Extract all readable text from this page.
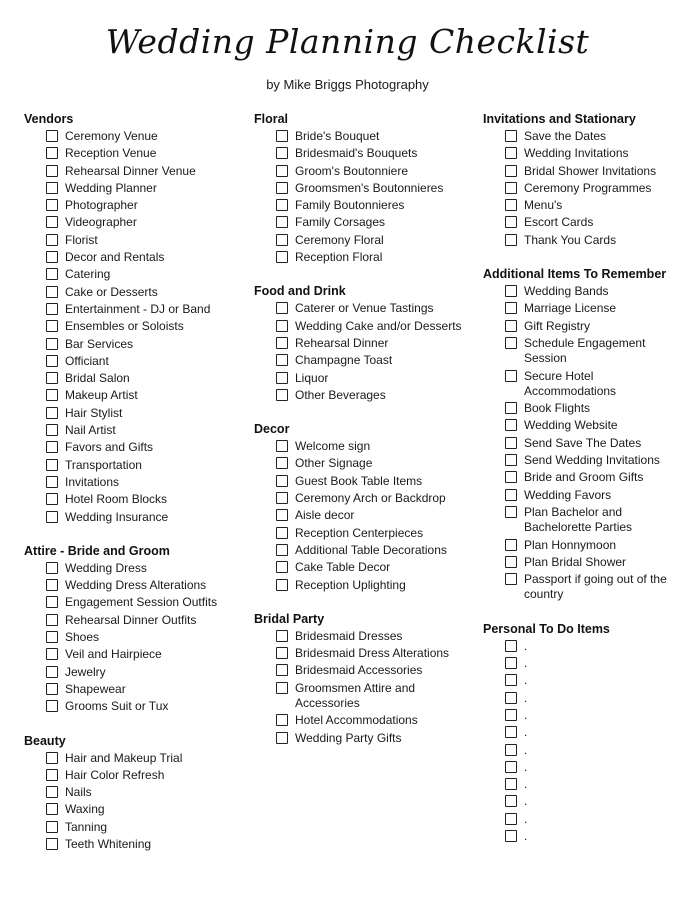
Wedding Planning Checklist
by Mike Briggs Photography
Vendors
Ceremony Venue
Reception Venue
Rehearsal Dinner Venue
Wedding Planner
Photographer
Videographer
Florist
Decor and Rentals
Catering
Cake or Desserts
Entertainment - DJ or Band
Ensembles or Soloists
Bar Services
Officiant
Bridal Salon
Makeup Artist
Hair Stylist
Nail Artist
Favors and Gifts
Transportation
Invitations
Hotel Room Blocks
Wedding Insurance
Attire - Bride and Groom
Wedding Dress
Wedding Dress Alterations
Engagement Session Outfits
Rehearsal Dinner Outfits
Shoes
Veil and Hairpiece
Jewelry
Shapewear
Grooms Suit or Tux
Beauty
Hair and Makeup Trial
Hair Color Refresh
Nails
Waxing
Tanning
Teeth Whitening
Floral
Bride's Bouquet
Bridesmaid's Bouquets
Groom's Boutonniere
Groomsmen's Boutonnieres
Family Boutonnieres
Family Corsages
Ceremony Floral
Reception Floral
Food and Drink
Caterer or Venue Tastings
Wedding Cake and/or Desserts
Rehearsal Dinner
Champagne Toast
Liquor
Other Beverages
Decor
Welcome sign
Other Signage
Guest Book Table Items
Ceremony Arch or Backdrop
Aisle decor
Reception Centerpieces
Additional Table Decorations
Cake Table Decor
Reception Uplighting
Bridal Party
Bridesmaid Dresses
Bridesmaid Dress Alterations
Bridesmaid Accessories
Groomsmen Attire and Accessories
Hotel Accommodations
Wedding Party Gifts
Invitations and Stationary
Save the Dates
Wedding Invitations
Bridal Shower Invitations
Ceremony Programmes
Menu's
Escort Cards
Thank You Cards
Additional Items To Remember
Wedding Bands
Marriage License
Gift Registry
Schedule Engagement Session
Secure Hotel Accommodations
Book Flights
Wedding Website
Send Save The Dates
Send Wedding Invitations
Bride and Groom Gifts
Wedding Favors
Plan Bachelor and Bachelorette Parties
Plan Honnymoon
Plan Bridal Shower
Passport if going out of the country
Personal To Do Items
.
.
.
.
.
.
.
.
.
.
.
.
